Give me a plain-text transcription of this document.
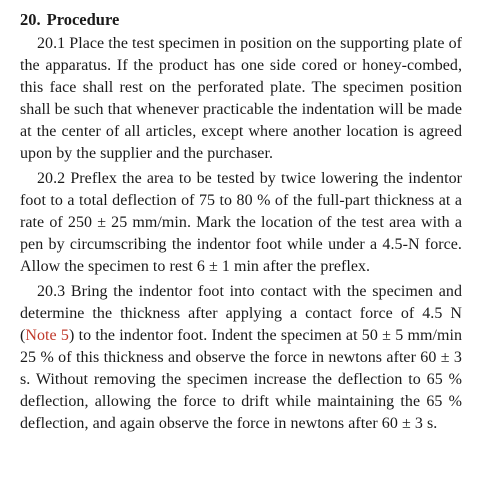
20. Procedure

20.1 Place the test specimen in position on the supporting plate of the apparatus. If the product has one side cored or honey-combed, this face shall rest on the perforated plate. The specimen position shall be such that whenever practicable the indentation will be made at the center of all articles, except where another location is agreed upon by the supplier and the purchaser.

20.2 Preflex the area to be tested by twice lowering the indentor foot to a total deflection of 75 to 80 % of the full-part thickness at a rate of 250 ± 25 mm/min. Mark the location of the test area with a pen by circumscribing the indentor foot while under a 4.5-N force. Allow the specimen to rest 6 ± 1 min after the preflex.

20.3 Bring the indentor foot into contact with the specimen and determine the thickness after applying a contact force of 4.5 N (Note 5) to the indentor foot. Indent the specimen at 50 ± 5 mm/min 25 % of this thickness and observe the force in newtons after 60 ± 3 s. Without removing the specimen increase the deflection to 65 % deflection, allowing the force to drift while maintaining the 65 % deflection, and again observe the force in newtons after 60 ± 3 s.
